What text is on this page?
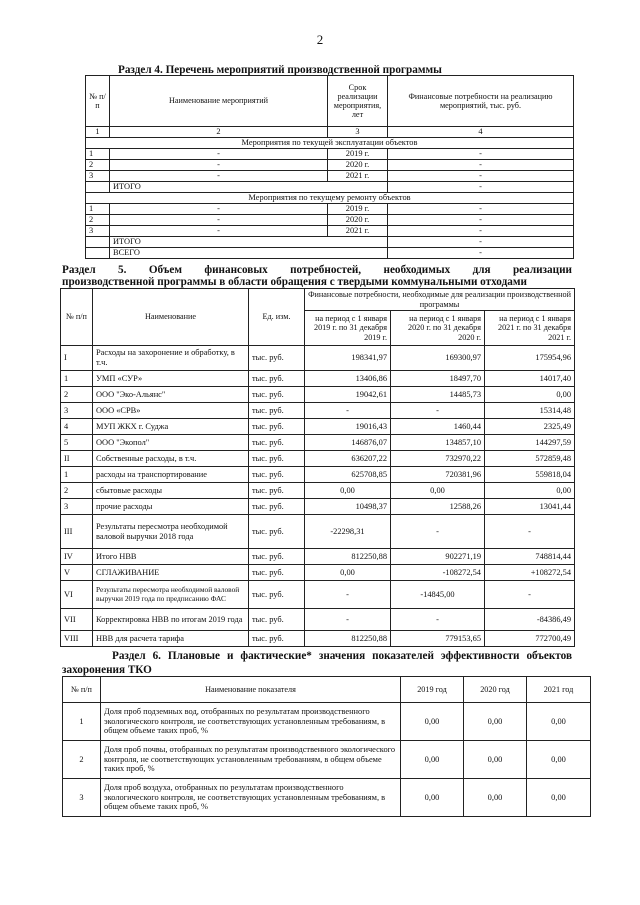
2
Раздел 4. Перечень мероприятий производственной программы
№ п/п	Наименование мероприятий	Срок реализации мероприятия, лет	Финансовые потребности на реализацию мероприятий, тыс. руб.
1	2	3	4
Мероприятия по текущей эксплуатации объектов			
1	-	2019 г.	-
2	-	2020 г.	-
3	-	2021 г.	-
	ИТОГО		-
Мероприятия по текущему ремонту объектов			
1	-	2019 г.	-
2	-	2020 г.	-
3	-	2021 г.	-
	ИТОГО		-
	ВСЕГО		-
Раздел 5. Объем финансовых потребностей, необходимых для реализации
производственной программы в области обращения с твердыми коммунальными отходами
№ п/п	Наименование	Ед. изм.	Финансовые потребности, необходимые для реализации производственной программы		
			на период с 1 января 2019 г. по 31 декабря 2019 г.	на период с 1 января 2020 г. по 31 декабря 2020 г.	на период с 1 января 2021 г. по 31 декабря 2021 г.
I	Расходы на захоронение и обработку, в т.ч.	тыс. руб.	198341,97	169300,97	175954,96
1	УМП «СУР»	тыс. руб.	13406,86	18497,70	14017,40
2	ООО "Эко-Альянс"	тыс. руб.	19042,61	14485,73	0,00
3	ООО «СРВ»	тыс. руб.	-	-	15314,48
4	МУП ЖКХ г. Суджа	тыс. руб.	19016,43	1460,44	2325,49
5	ООО "Экопол"	тыс. руб.	146876,07	134857,10	144297,59
II	Собственные расходы, в т.ч.	тыс. руб.	636207,22	732970,22	572859,48
1	расходы на транспортирование	тыс. руб.	625708,85	720381,96	559818,04
2	сбытовые расходы	тыс. руб.	0,00	0,00	0,00
3	прочие расходы	тыс. руб.	10498,37	12588,26	13041,44
III	Результаты пересмотра необходимой валовой выручки 2018 года	тыс. руб.	-22298,31	-	-
IV	Итого НВВ	тыс. руб.	812250,88	902271,19	748814,44
V	СГЛАЖИВАНИЕ	тыс. руб.	0,00	-108272,54	+108272,54
VI	Результаты пересмотра необходимой валовой выручки 2019 года по предписанию ФАС	тыс. руб.	-	-14845,00	-
VII	Корректировка НВВ по итогам 2019 года	тыс. руб.	-	-	-84386,49
VIII	НВВ для расчета тарифа	тыс. руб.	812250,88	779153,65	772700,49
Раздел 6. Плановые и фактические* значения показателей эффективности объектов
захоронения ТКО
№ п/п	Наименование показателя	2019 год	2020 год	2021 год
1	Доля проб подземных вод, отобранных по результатам производственного экологического контроля, не соответствующих установленным требованиям, в общем объеме таких проб, %	0,00	0,00	0,00
2	Доля проб почвы, отобранных по результатам производственного экологического контроля, не соответствующих установленным требованиям, в общем объеме таких проб, %	0,00	0,00	0,00
3	Доля проб воздуха, отобранных по результатам производственного экологического контроля, не соответствующих установленным требованиям, в общем объеме таких проб, %	0,00	0,00	0,00
